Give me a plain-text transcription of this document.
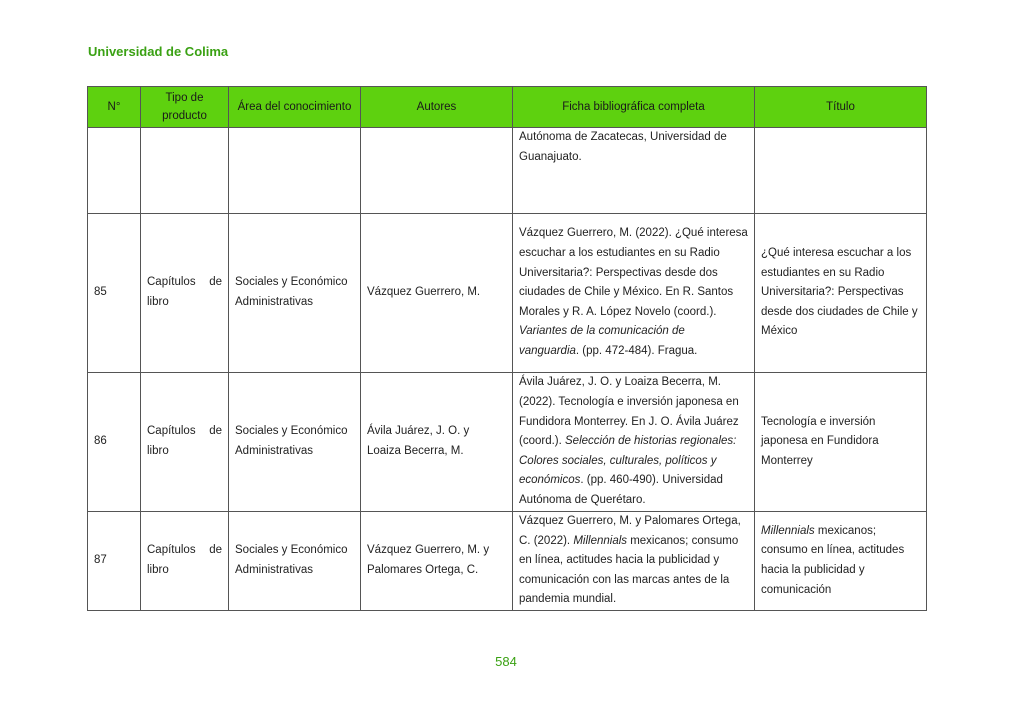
Universidad de Colima
N°	Tipo de producto	Área del conocimiento	Autores	Ficha bibliográfica completa	Título
				Autónoma de Zacatecas, Universidad de Guanajuato.	
85	Capítulos de libro	Sociales y Económico Administrativas	Vázquez Guerrero, M.	Vázquez Guerrero, M. (2022). ¿Qué interesa escuchar a los estudiantes en su Radio Universitaria?: Perspectivas desde dos ciudades de Chile y México. En R. Santos Morales y R. A. López Novelo (coord.). Variantes de la comunicación de vanguardia. (pp. 472-484). Fragua.	¿Qué interesa escuchar a los estudiantes en su Radio Universitaria?: Perspectivas desde dos ciudades de Chile y México
86	Capítulos de libro	Sociales y Económico Administrativas	Ávila Juárez, J. O. y Loaiza Becerra, M.	Ávila Juárez, J. O. y Loaiza Becerra, M. (2022). Tecnología e inversión japonesa en Fundidora Monterrey. En J. O. Ávila Juárez (coord.). Selección de historias regionales: Colores sociales, culturales, políticos y económicos. (pp. 460-490). Universidad Autónoma de Querétaro.	Tecnología e inversión japonesa en Fundidora Monterrey
87	Capítulos de libro	Sociales y Económico Administrativas	Vázquez Guerrero, M. y Palomares Ortega, C.	Vázquez Guerrero, M. y Palomares Ortega, C. (2022). Millennials mexicanos; consumo en línea, actitudes hacia la publicidad y comunicación con las marcas antes de la pandemia mundial.	Millennials mexicanos; consumo en línea, actitudes hacia la publicidad y comunicación
584
